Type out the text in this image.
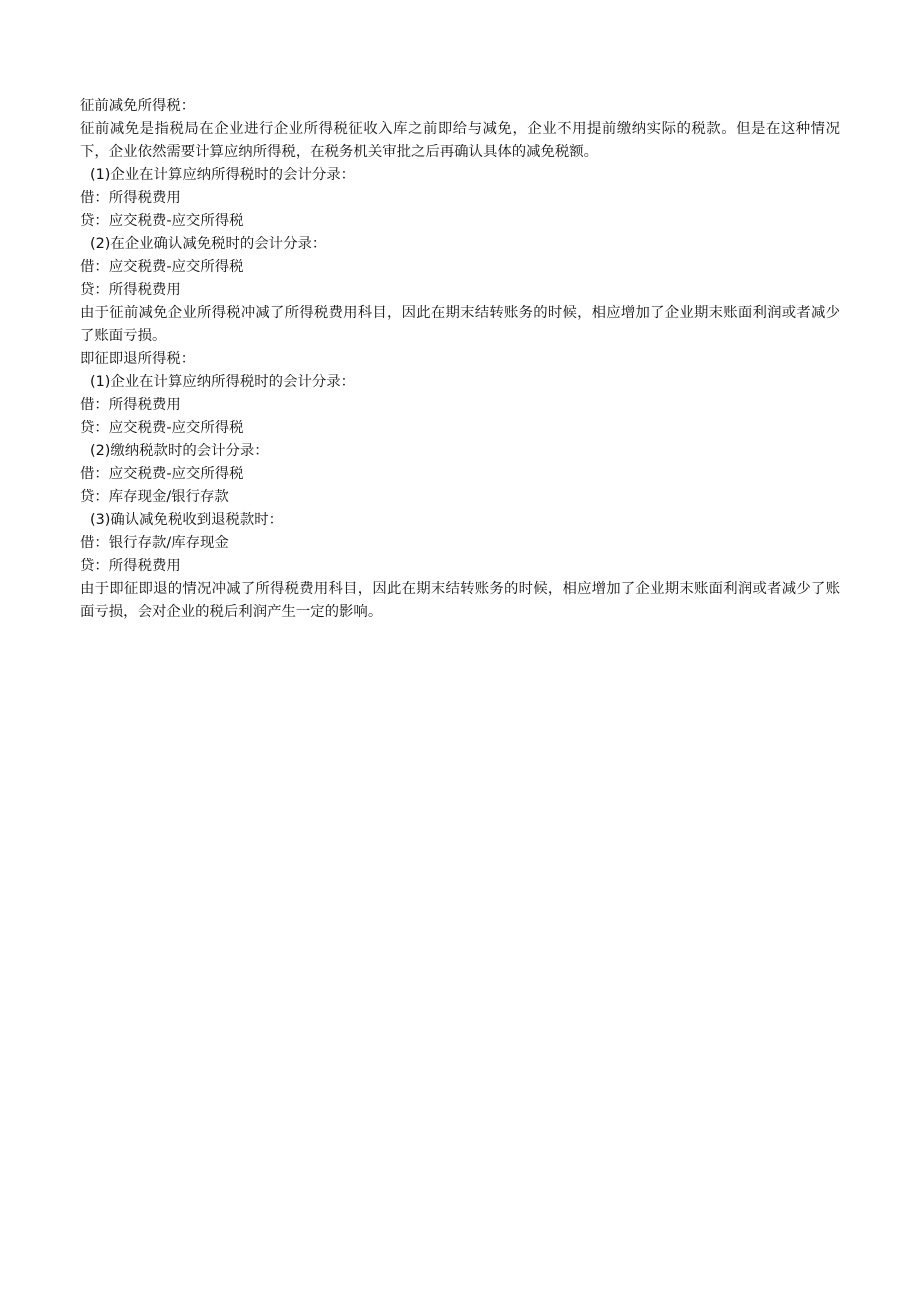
征前减免所得税：

征前减免是指税局在企业进行企业所得税征收入库之前即给与减免，企业不用提前缴纳实际的税款。但是在这种情况下，企业依然需要计算应纳所得税，在税务机关审批之后再确认具体的减免税额。

(1)企业在计算应纳所得税时的会计分录：

借：所得税费用

贷：应交税费-应交所得税

(2)在企业确认减免税时的会计分录：

借：应交税费-应交所得税

贷：所得税费用

由于征前减免企业所得税冲减了所得税费用科目，因此在期末结转账务的时候，相应增加了企业期末账面利润或者减少了账面亏损。

即征即退所得税：

(1)企业在计算应纳所得税时的会计分录：

借：所得税费用

贷：应交税费-应交所得税

(2)缴纳税款时的会计分录：

借：应交税费-应交所得税

贷：库存现金/银行存款

(3)确认减免税收到退税款时：

借：银行存款/库存现金

贷：所得税费用

由于即征即退的情况冲减了所得税费用科目，因此在期末结转账务的时候，相应增加了企业期末账面利润或者减少了账面亏损，会对企业的税后利润产生一定的影响。
